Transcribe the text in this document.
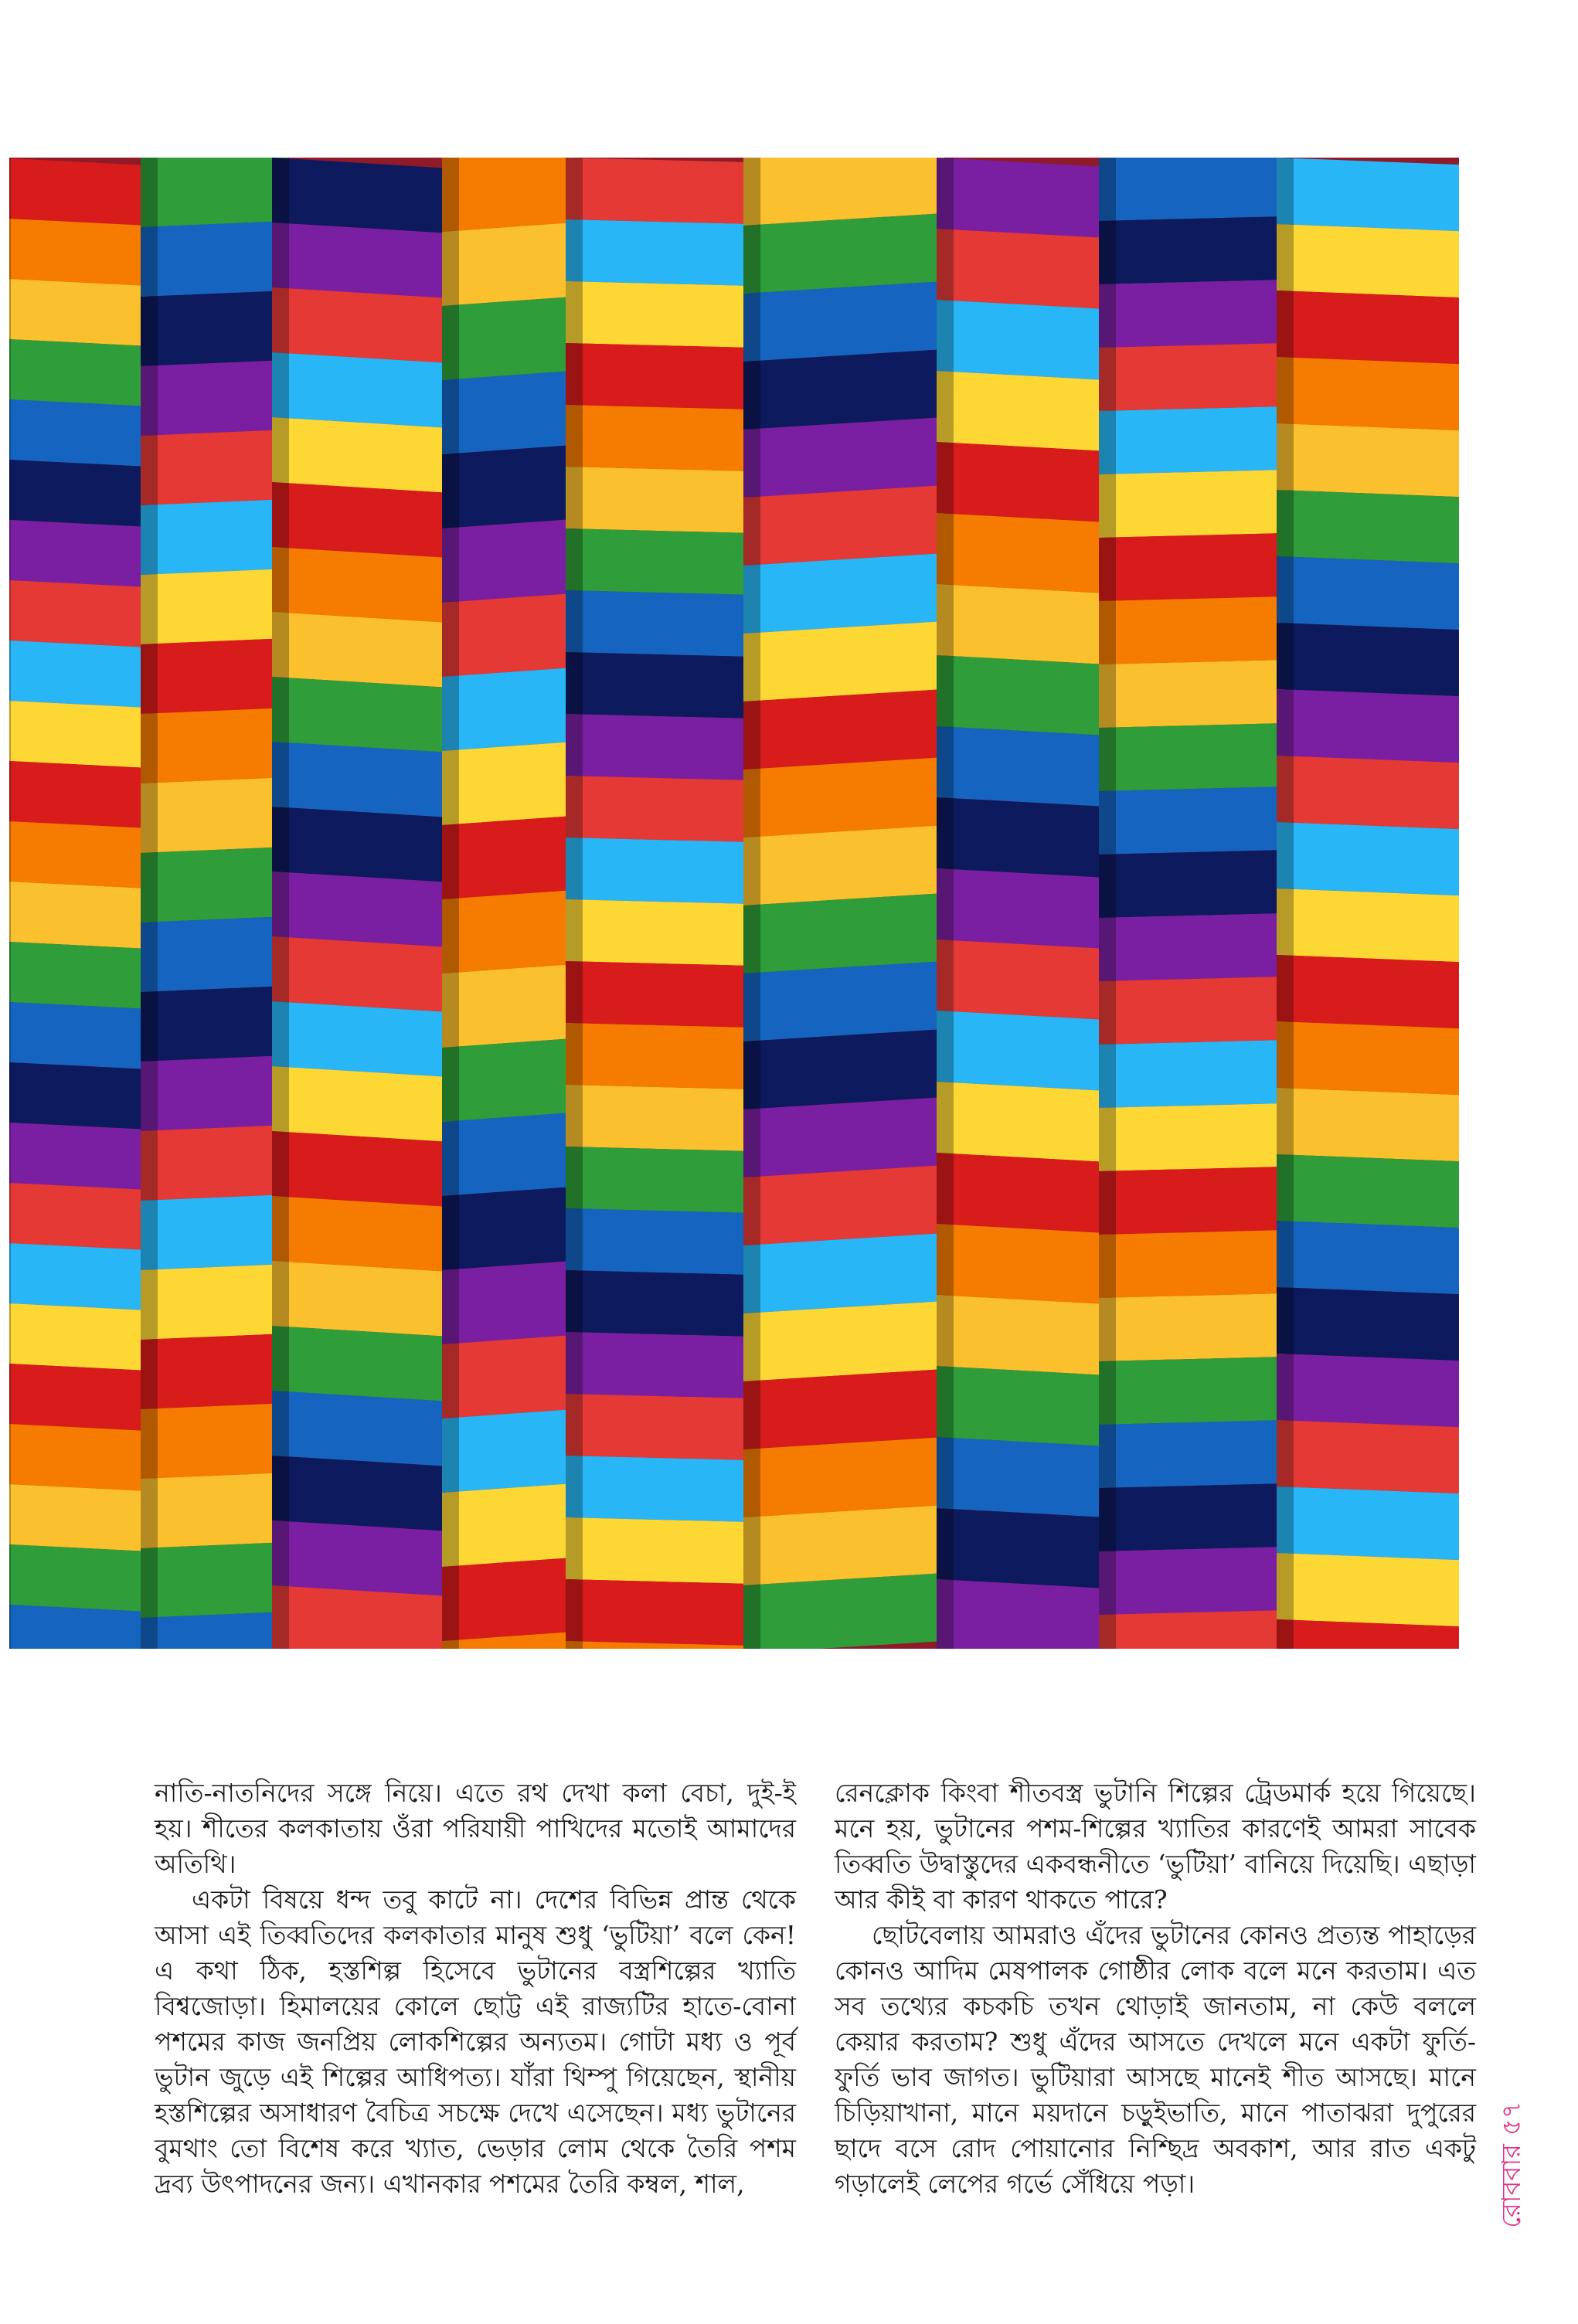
নাতি-নাতনিদের সঙ্গে নিয়ে। এতে রথ দেখা কলা বেচা, দুই-ই হয়। শীতের কলকাতায় ওঁরা পরিযায়ী পাখিদের মতোই আমাদের অতিথি।

একটা বিষয়ে ধন্দ তবু কাটে না। দেশের বিভিন্ন প্রান্ত থেকে আসা এই তিব্বতিদের কলকাতার মানুষ শুধু ‘ভুটিয়া’ বলে কেন! এ কথা ঠিক, হস্তশিল্প হিসেবে ভুটানের বস্ত্রশিল্পের খ্যাতি বিশ্বজোড়া। হিমালয়ের কোলে ছোট্ট এই রাজ্যটির হাতে-বোনা পশমের কাজ জনপ্রিয় লোকশিল্পের অন্যতম। গোটা মধ্য ও পূর্ব ভুটান জুড়ে এই শিল্পের আধিপত্য। যাঁরা থিম্পু গিয়েছেন, স্থানীয় হস্তশিল্পের অসাধারণ বৈচিত্র সচক্ষে দেখে এসেছেন। মধ্য ভুটানের বুমথাং তো বিশেষ করে খ্যাত, ভেড়ার লোম থেকে তৈরি পশম দ্রব্য উৎপাদনের জন্য। এখানকার পশমের তৈরি কম্বল, শাল,

রেনক্লোক কিংবা শীতবস্ত্র ভুটানি শিল্পের ট্রেডমার্ক হয়ে গিয়েছে। মনে হয়, ভুটানের পশম-শিল্পের খ্যাতির কারণেই আমরা সাবেক তিব্বতি উদ্বাস্তুদের একবন্ধনীতে ‘ভুটিয়া’ বানিয়ে দিয়েছি। এছাড়া আর কীই বা কারণ থাকতে পারে?

ছোটবেলায় আমরাও এঁদের ভুটানের কোনও প্রত্যন্ত পাহাড়ের কোনও আদিম মেষপালক গোষ্ঠীর লোক বলে মনে করতাম। এত সব তথ্যের কচকচি তখন থোড়াই জানতাম, না কেউ বললে কেয়ার করতাম? শুধু এঁদের আসতে দেখলে মনে একটা ফুর্তি-ফুর্তি ভাব জাগত। ভুটিয়ারা আসছে মানেই শীত আসছে। মানে চিড়িয়াখানা, মানে ময়দানে চড়ুইভাতি, মানে পাতাঝরা দুপুরের ছাদে বসে রোদ পোয়ানোর নিশ্ছিদ্র অবকাশ, আর রাত একটু গড়ালেই লেপের গর্ভে সেঁধিয়ে পড়া।	রোববার ৫৭
